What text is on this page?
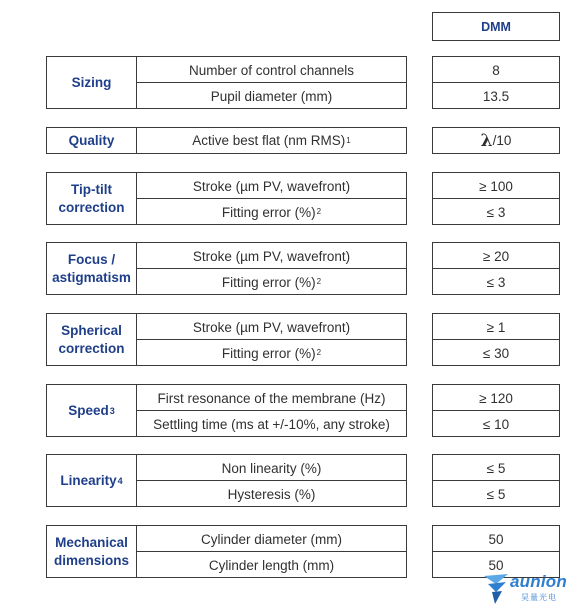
DMM
Sizing
Number of control channels
Pupil diameter (mm)
8
13.5
Quality	Active best flat (nm RMS) 1	λ /10
Tip-tilt correction
Stroke (µm PV, wavefront)
Fitting error (%) 2
≥ 100
≤ 3
Focus / astigmatism
Stroke (µm PV, wavefront)
Fitting error (%) 2
≥ 20
≤ 3
Spherical correction
Stroke (µm PV, wavefront)
Fitting error (%) 2
≥ 1
≤ 30
Speed 3
First resonance of the membrane (Hz)
Settling time (ms at +/-10%, any stroke)
≥ 120
≤ 10
Linearity 4
Non linearity (%)
Hysteresis (%)
≤ 5
≤ 5
Mechanical dimensions
Cylinder diameter (mm)
Cylinder length (mm)
50
50
aunion
昊量光电
